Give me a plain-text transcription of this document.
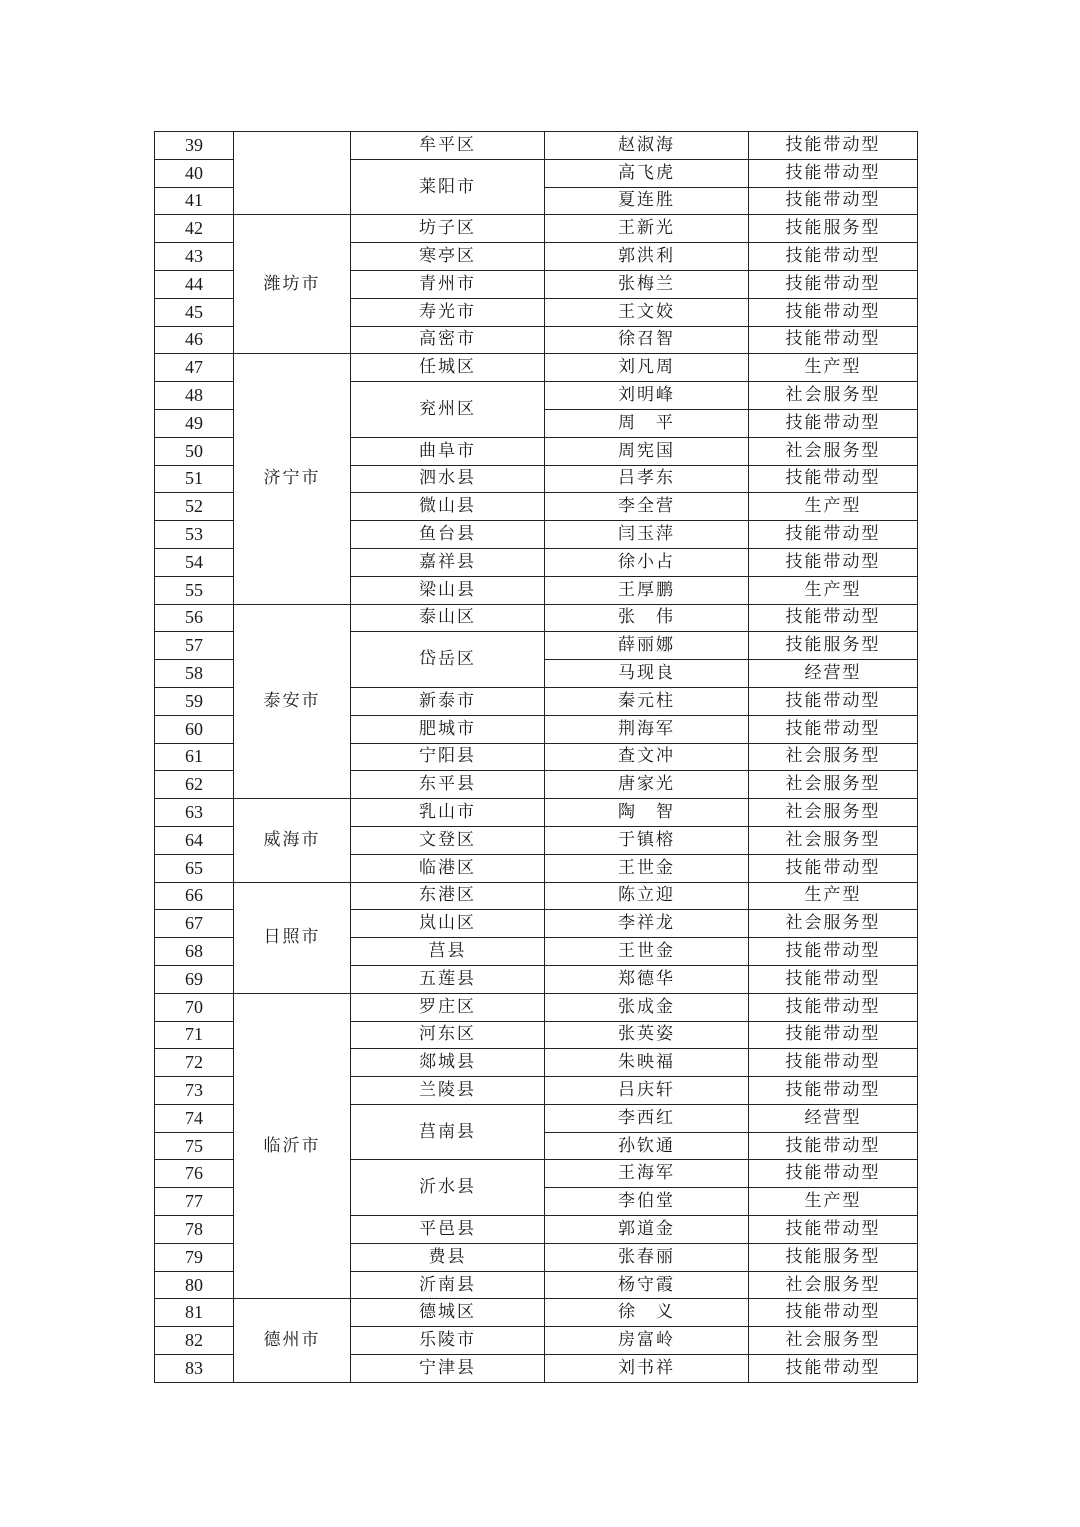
39		牟平区	赵淑海	技能带动型
40		莱阳市	高飞虎	技能带动型
41			夏连胜	技能带动型
42	潍坊市	坊子区	王新光	技能服务型
43		寒亭区	郭洪利	技能带动型
44		青州市	张梅兰	技能带动型
45		寿光市	王文姣	技能带动型
46		高密市	徐召智	技能带动型
47	济宁市	任城区	刘凡周	生产型
48		兖州区	刘明峰	社会服务型
49			周　平	技能带动型
50		曲阜市	周宪国	社会服务型
51		泗水县	吕孝东	技能带动型
52		微山县	李全营	生产型
53		鱼台县	闫玉萍	技能带动型
54		嘉祥县	徐小占	技能带动型
55		梁山县	王厚鹏	生产型
56	泰安市	泰山区	张　伟	技能带动型
57		岱岳区	薛丽娜	技能服务型
58			马现良	经营型
59		新泰市	秦元柱	技能带动型
60		肥城市	荆海军	技能带动型
61		宁阳县	查文冲	社会服务型
62		东平县	唐家光	社会服务型
63	威海市	乳山市	陶　智	社会服务型
64		文登区	于镇榕	社会服务型
65		临港区	王世金	技能带动型
66	日照市	东港区	陈立迎	生产型
67		岚山区	李祥龙	社会服务型
68		莒县	王世金	技能带动型
69		五莲县	郑德华	技能带动型
70	临沂市	罗庄区	张成金	技能带动型
71		河东区	张英姿	技能带动型
72		郯城县	朱映福	技能带动型
73		兰陵县	吕庆轩	技能带动型
74		莒南县	李西红	经营型
75			孙钦通	技能带动型
76		沂水县	王海军	技能带动型
77			李伯堂	生产型
78		平邑县	郭道金	技能带动型
79		费县	张春丽	技能服务型
80		沂南县	杨守霞	社会服务型
81	德州市	德城区	徐　义	技能带动型
82		乐陵市	房富岭	社会服务型
83		宁津县	刘书祥	技能带动型
